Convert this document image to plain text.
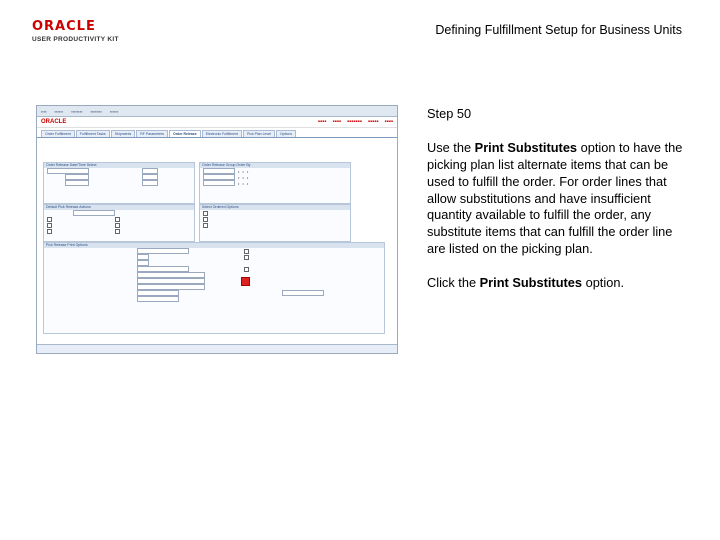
ORACLE
USER PRODUCTIVITY KIT
Defining Fulfillment Setup for Business Units
▪▪▪▪ ▪▪▪▪▪▪ ▪▪▪▪▪▪▪▪ ▪▪▪▪▪▪▪▪ ▪▪▪▪▪▪
ORACLE	▪▪▪▪ ▪▪▪▪ ▪▪▪▪▪▪▪ ▪▪▪▪▪ ▪▪▪▪
Order Fulfillment	Fulfillment Tasks	Shipments	RF Parameters	Order Release	Electronic Fulfillment	Pick Plan Level	Options
Order Release Date/Time Select	Order Release Group Order By
• • •
• • •
• • •
Default Pick Release Actions	Select Ordered Options
Pick Release Print Options

Step 50

Use the Print Substitutes option to have the picking plan list alternate items that can be used to fulfill the order. For order lines that allow substitutions and have insufficient quantity available to fulfill the order, any substitute items that can fulfill the order line are listed on the picking plan.

Click the Print Substitutes option.
